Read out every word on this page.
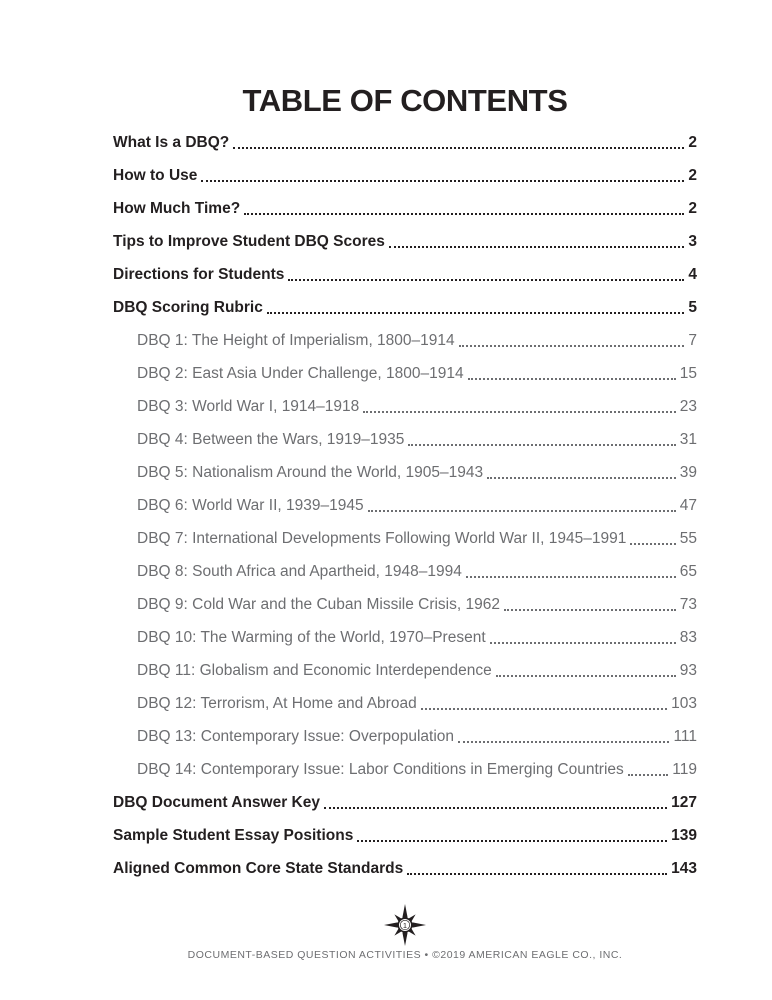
TABLE OF CONTENTS
What Is a DBQ?	2
How to Use	2
How Much Time?	2
Tips to Improve Student DBQ Scores	3
Directions for Students	4
DBQ Scoring Rubric	5
DBQ 1: The Height of Imperialism, 1800–1914	7
DBQ 2: East Asia Under Challenge, 1800–1914	15
DBQ 3: World War I, 1914–1918	23
DBQ 4: Between the Wars, 1919–1935	31
DBQ 5: Nationalism Around the World, 1905–1943	39
DBQ 6: World War II, 1939–1945	47
DBQ 7: International Developments Following World War II, 1945–1991	55
DBQ 8: South Africa and Apartheid, 1948–1994	65
DBQ 9: Cold War and the Cuban Missile Crisis, 1962	73
DBQ 10: The Warming of the World, 1970–Present	83
DBQ 11: Globalism and Economic Interdependence	93
DBQ 12: Terrorism, At Home and Abroad	103
DBQ 13: Contemporary Issue: Overpopulation	111
DBQ 14: Contemporary Issue: Labor Conditions in Emerging Countries	119
DBQ Document Answer Key	127
Sample Student Essay Positions	139
Aligned Common Core State Standards	143
1
DOCUMENT-BASED QUESTION ACTIVITIES • ©2019 AMERICAN EAGLE CO., INC.
